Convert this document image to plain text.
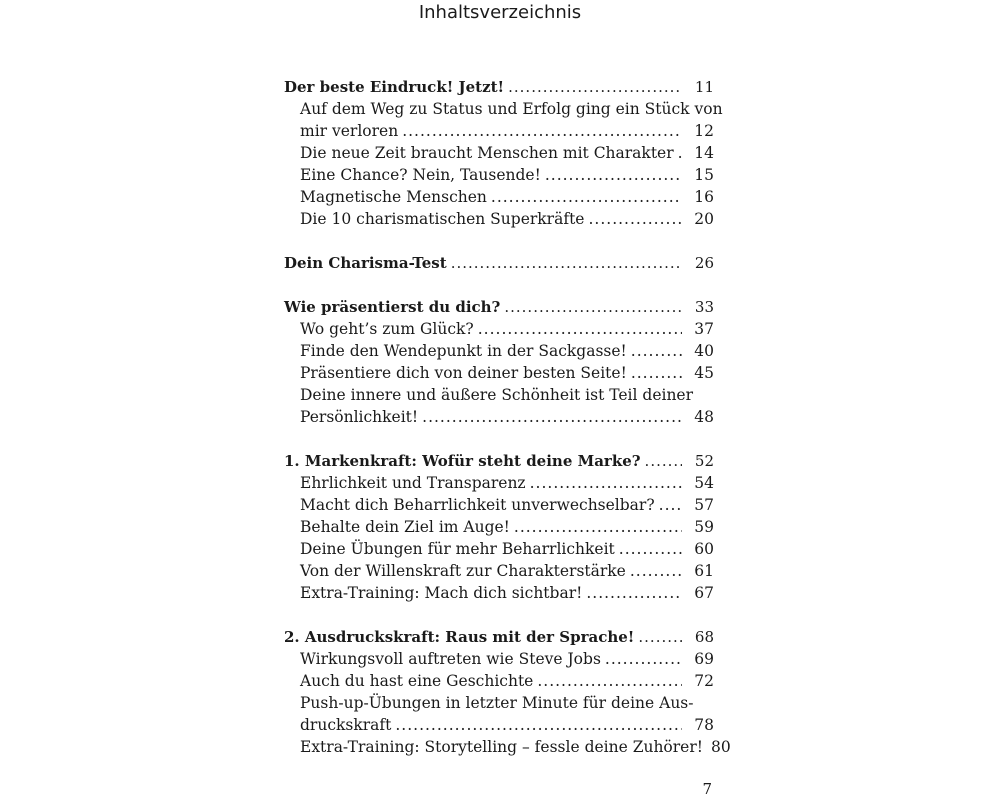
Inhaltsverzeichnis
Der beste Eindruck! Jetzt! .....	11
Auf dem Weg zu Status und Erfolg ging ein Stück von
mir verloren .....	12
Die neue Zeit braucht Menschen mit Charakter .....	14
Eine Chance? Nein, Tausende! .....	15
Magnetische Menschen .....	16
Die 10 charismatischen Superkräfte .....	20
Dein Charisma-Test .....	26
Wie präsentierst du dich? .....	33
Wo geht’s zum Glück? .....	37
Finde den Wendepunkt in der Sackgasse! .....	40
Präsentiere dich von deiner besten Seite! .....	45
Deine innere und äußere Schönheit ist Teil deiner
Persönlichkeit! .....	48
1. Markenkraft: Wofür steht deine Marke? .....	52
Ehrlichkeit und Transparenz .....	54
Macht dich Beharrlichkeit unverwechselbar? .....	57
Behalte dein Ziel im Auge! .....	59
Deine Übungen für mehr Beharrlichkeit .....	60
Von der Willenskraft zur Charakterstärke .....	61
Extra-Training: Mach dich sichtbar! .....	67
2. Ausdruckskraft: Raus mit der Sprache! .....	68
Wirkungsvoll auftreten wie Steve Jobs .....	69
Auch du hast eine Geschichte .....	72
Push-up-Übungen in letzter Minute für deine Aus-
druckskraft .....	78
Extra-Training: Storytelling – fessle deine Zuhörer! 80
7
